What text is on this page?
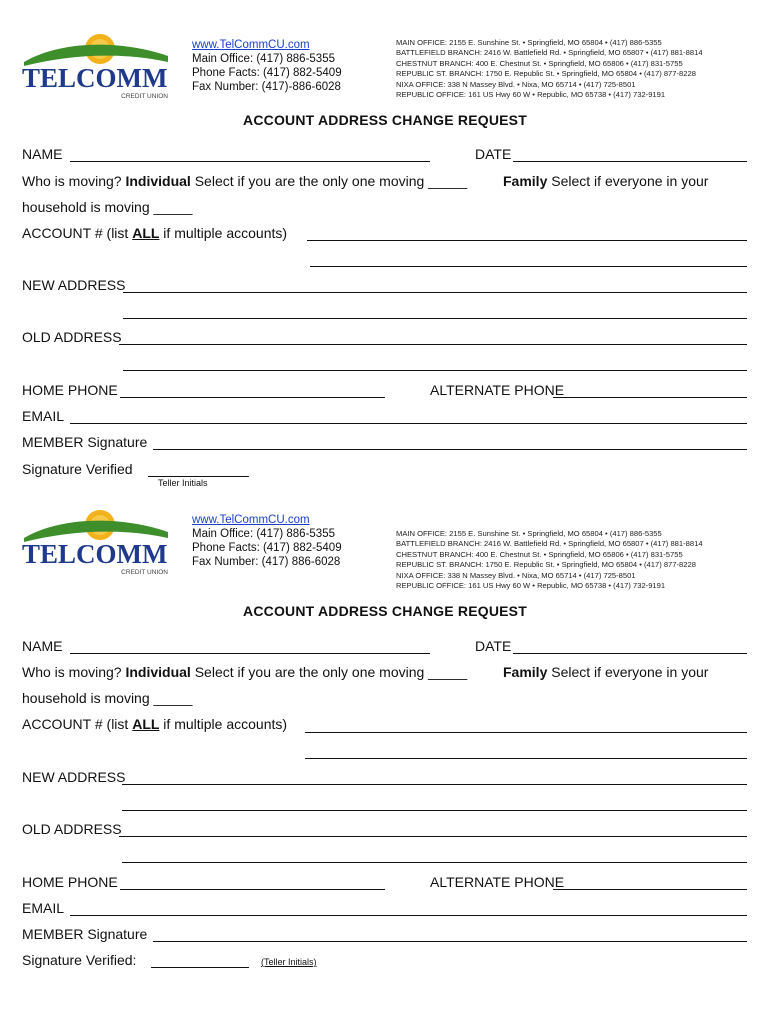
TELCOMM
CREDIT UNION
www.TelCommCU.com
Main Office: (417) 886-5355
Phone Facts: (417) 882-5409
Fax Number: (417)-886-6028
MAIN OFFICE: 2155 E. Sunshine St. • Springfield, MO 65804 • (417) 886-5355
BATTLEFIELD BRANCH: 2416 W. Battlefield Rd. • Springfield, MO 65807 • (417) 881-8814
CHESTNUT BRANCH: 400 E. Chestnut St. • Springfield, MO 65806 • (417) 831-5755
REPUBLIC ST. BRANCH: 1750 E. Republic St. • Springfield, MO 65804 • (417) 877-8228
NIXA OFFICE: 338 N Massey Blvd. • Nixa, MO 65714 • (417) 725-8501
REPUBLIC OFFICE: 161 US Hwy 60 W • Republic, MO 65738 • (417) 732-9191
ACCOUNT ADDRESS CHANGE REQUEST
NAME	DATE
Who is moving? Individual Select if you are the only one moving _____	Family Select if everyone in your
household is moving _____
ACCOUNT # (list ALL if multiple accounts)
NEW ADDRESS
OLD ADDRESS
HOME PHONE	ALTERNATE PHONE
EMAIL
MEMBER Signature
Signature Verified
Teller Initials
TELCOMM
CREDIT UNION
www.TelCommCU.com
Main Office: (417) 886-5355
Phone Facts: (417) 882-5409
Fax Number: (417) 886-6028
MAIN OFFICE: 2155 E. Sunshine St. • Springfield, MO 65804 • (417) 886-5355
BATTLEFIELD BRANCH: 2416 W. Battlefield Rd. • Springfield, MO 65807 • (417) 881-8814
CHESTNUT BRANCH: 400 E. Chestnut St. • Springfield, MO 65806 • (417) 831-5755
REPUBLIC ST. BRANCH: 1750 E. Republic St. • Springfield, MO 65804 • (417) 877-8228
NIXA OFFICE: 338 N Massey Blvd. • Nixa, MO 65714 • (417) 725-8501
REPUBLIC OFFICE: 161 US Hwy 60 W • Republic, MO 65738 • (417) 732-9191
ACCOUNT ADDRESS CHANGE REQUEST
NAME	DATE
Who is moving? Individual Select if you are the only one moving _____	Family Select if everyone in your
household is moving _____
ACCOUNT # (list ALL if multiple accounts)
NEW ADDRESS
OLD ADDRESS
HOME PHONE	ALTERNATE PHONE
EMAIL
MEMBER Signature
Signature Verified:	(Teller Initials)
